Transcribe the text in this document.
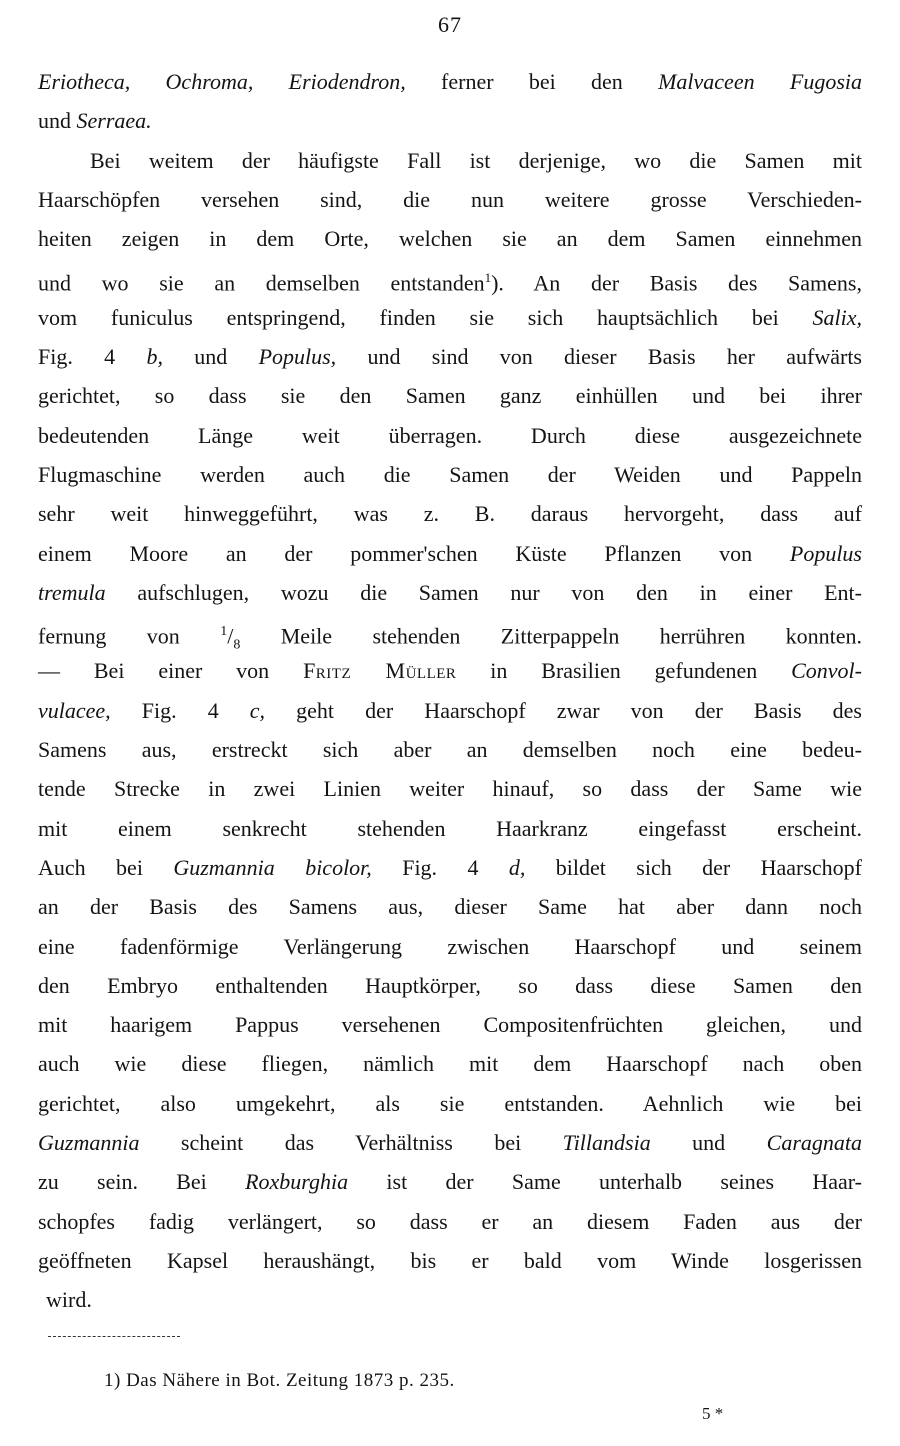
67
Eriotheca, Ochroma, Eriodendron, ferner bei den Malvaceen Fugosia
und Serraea.
Bei weitem der häufigste Fall ist derjenige, wo die Samen mit
Haarschöpfen versehen sind, die nun weitere grosse Verschieden-
heiten zeigen in dem Orte, welchen sie an dem Samen einnehmen
und wo sie an demselben entstanden$^1$). An der Basis des Samens,
vom funiculus entspringend, finden sie sich hauptsächlich bei Salix,
Fig. 4 b, und Populus, und sind von dieser Basis her aufwärts
gerichtet, so dass sie den Samen ganz einhüllen und bei ihrer
bedeutenden Länge weit überragen. Durch diese ausgezeichnete
Flugmaschine werden auch die Samen der Weiden und Pappeln
sehr weit hinweggeführt, was z. B. daraus hervorgeht, dass auf
einem Moore an der pommer'schen Küste Pflanzen von Populus
tremula aufschlugen, wozu die Samen nur von den in einer Ent-
fernung von $^1/_8$ Meile stehenden Zitterpappeln herrühren konnten.
— Bei einer von Fritz Müller in Brasilien gefundenen Convol-
vulacee, Fig. 4 c, geht der Haarschopf zwar von der Basis des
Samens aus, erstreckt sich aber an demselben noch eine bedeu-
tende Strecke in zwei Linien weiter hinauf, so dass der Same wie
mit einem senkrecht stehenden Haarkranz eingefasst erscheint.
Auch bei Guzmannia bicolor, Fig. 4 d, bildet sich der Haarschopf
an der Basis des Samens aus, dieser Same hat aber dann noch
eine fadenförmige Verlängerung zwischen Haarschopf und seinem
den Embryo enthaltenden Hauptkörper, so dass diese Samen den
mit haarigem Pappus versehenen Compositenfrüchten gleichen, und
auch wie diese fliegen, nämlich mit dem Haarschopf nach oben
gerichtet, also umgekehrt, als sie entstanden. Aehnlich wie bei
Guzmannia scheint das Verhältniss bei Tillandsia und Caragnata
zu sein. Bei Roxburghia ist der Same unterhalb seines Haar-
schopfes fadig verlängert, so dass er an diesem Faden aus der
geöffneten Kapsel heraushängt, bis er bald vom Winde losgerissen
wird.
1) Das Nähere in Bot. Zeitung 1873 p. 235.
5 *
